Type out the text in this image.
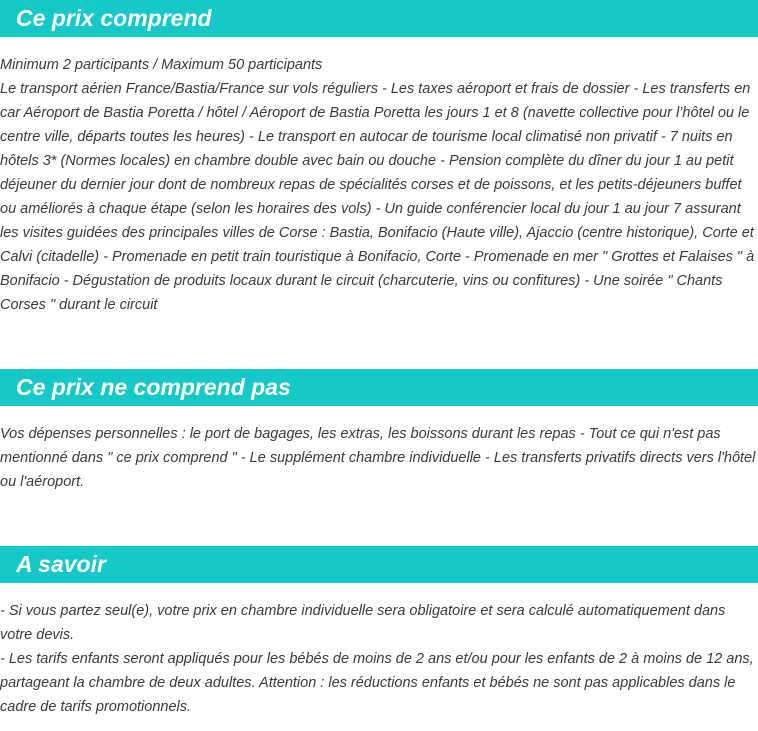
Ce prix comprend

Minimum 2 participants / Maximum 50 participants

Le transport aérien France/Bastia/France sur vols réguliers - Les taxes aéroport et frais de dossier - Les transferts en car Aéroport de Bastia Poretta / hôtel / Aéroport de Bastia Poretta les jours 1 et 8 (navette collective pour l’hôtel ou le centre ville, départs toutes les heures) - Le transport en autocar de tourisme local climatisé non privatif - 7 nuits en hôtels 3* (Normes locales) en chambre double avec bain ou douche - Pension complète du dîner du jour 1 au petit déjeuner du dernier jour dont de nombreux repas de spécialités corses et de poissons, et les petits-déjeuners buffet ou améliorés à chaque étape (selon les horaires des vols) - Un guide conférencier local du jour 1 au jour 7 assurant les visites guidées des principales villes de Corse : Bastia, Bonifacio (Haute ville), Ajaccio (centre historique), Corte et Calvi (citadelle) - Promenade en petit train touristique à Bonifacio, Corte - Promenade en mer " Grottes et Falaises " à Bonifacio - Dégustation de produits locaux durant le circuit (charcuterie, vins ou confitures) - Une soirée " Chants Corses " durant le circuit

Ce prix ne comprend pas

Vos dépenses personnelles : le port de bagages, les extras, les boissons durant les repas - Tout ce qui n'est pas mentionné dans " ce prix comprend " - Le supplément chambre individuelle - Les transferts privatifs directs vers l'hôtel ou l'aéroport.

A savoir

- Si vous partez seul(e), votre prix en chambre individuelle sera obligatoire et sera calculé automatiquement dans votre devis.

- Les tarifs enfants seront appliqués pour les bébés de moins de 2 ans et/ou pour les enfants de 2 à moins de 12 ans, partageant la chambre de deux adultes. Attention : les réductions enfants et bébés ne sont pas applicables dans le cadre de tarifs promotionnels.
